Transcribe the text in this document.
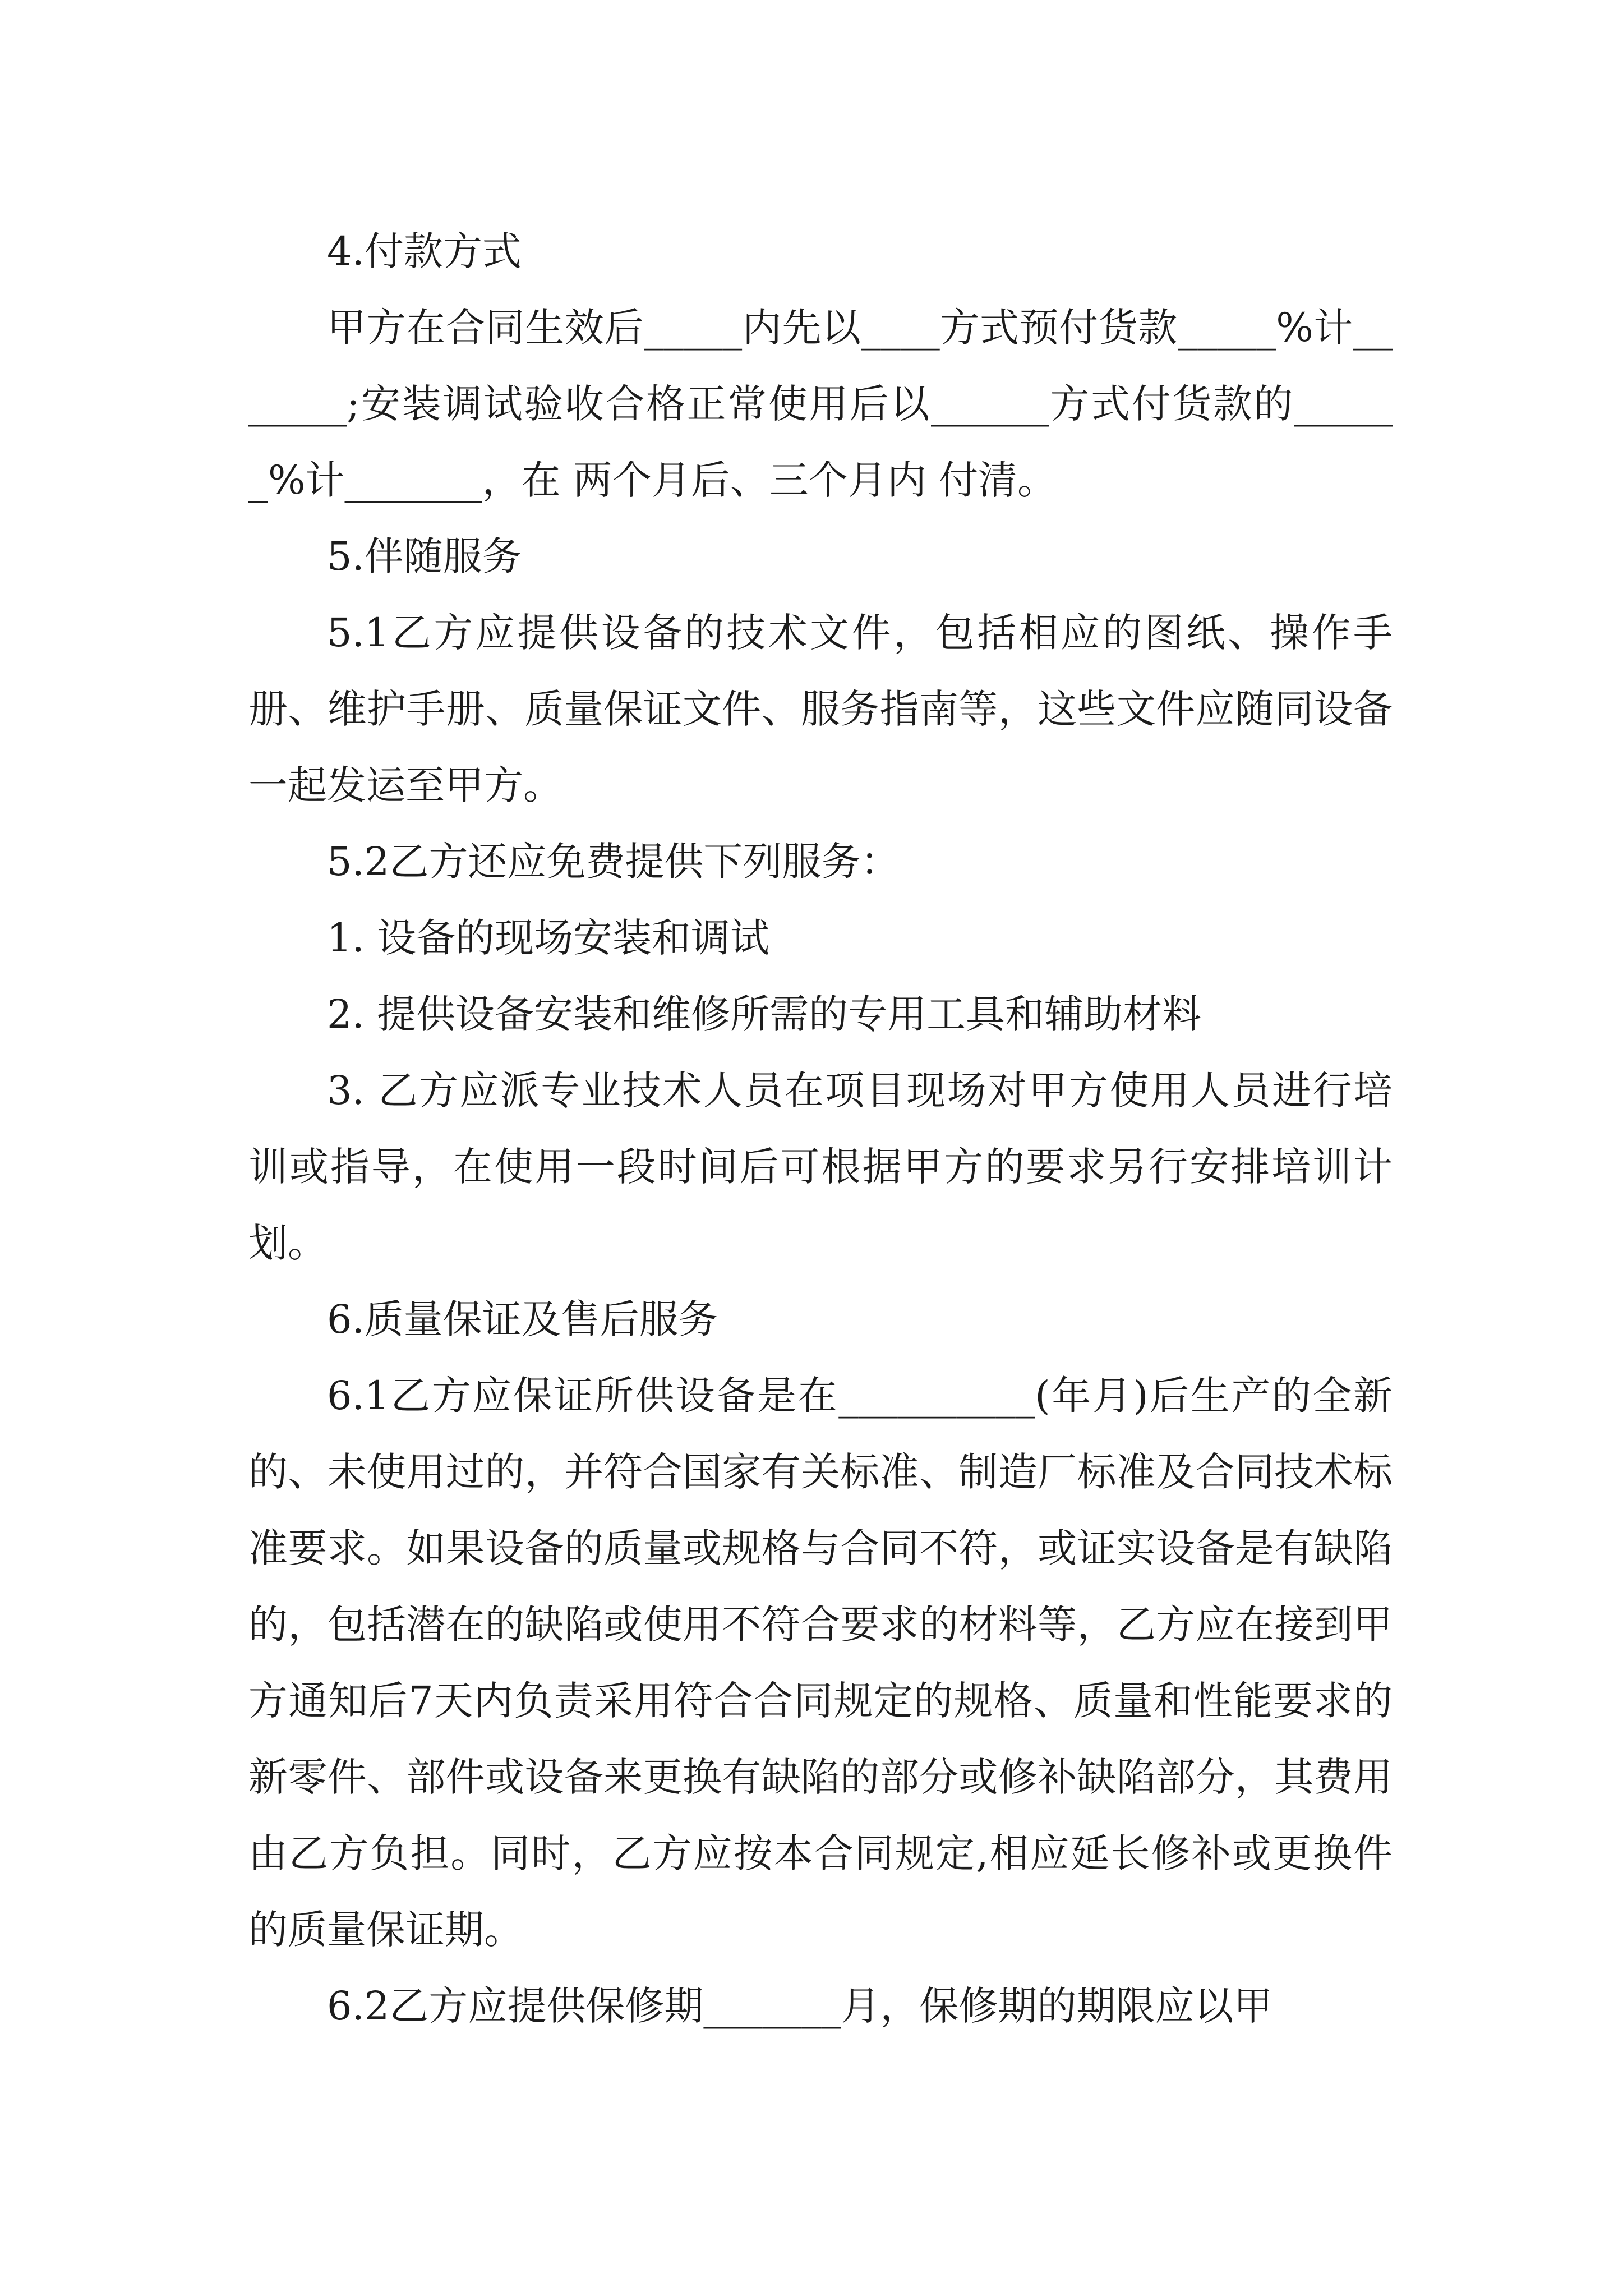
4.付款方式

甲方在合同生效后_____内先以____方式预付货款_____%计_______;安装调试验收合格正常使用后以______方式付货款的______%计_______，在 两个月后、三个月内 付清。

5.伴随服务

5.1乙方应提供设备的技术文件，包括相应的图纸、操作手册、维护手册、质量保证文件、服务指南等，这些文件应随同设备一起发运至甲方。

5.2乙方还应免费提供下列服务：

1. 设备的现场安装和调试

2. 提供设备安装和维修所需的专用工具和辅助材料

3. 乙方应派专业技术人员在项目现场对甲方使用人员进行培训或指导，在使用一段时间后可根据甲方的要求另行安排培训计划。

6.质量保证及售后服务

6.1乙方应保证所供设备是在__________(年月)后生产的全新的、未使用过的，并符合国家有关标准、制造厂标准及合同技术标准要求。如果设备的质量或规格与合同不符，或证实设备是有缺陷的，包括潜在的缺陷或使用不符合要求的材料等，乙方应在接到甲方通知后7天内负责采用符合合同规定的规格、质量和性能要求的新零件、部件或设备来更换有缺陷的部分或修补缺陷部分，其费用由乙方负担。同时，乙方应按本合同规定,相应延长修补或更换件的质量保证期。

6.2乙方应提供保修期_______月，保修期的期限应以甲
